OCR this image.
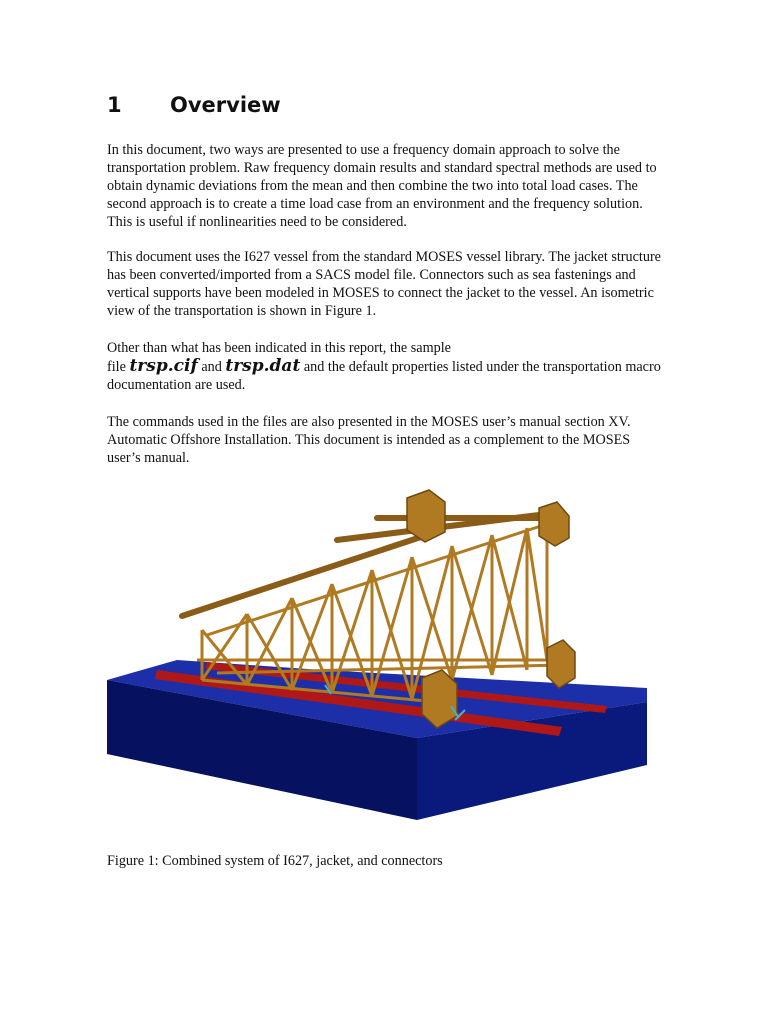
1 Overview

In this document, two ways are presented to use a frequency domain approach to solve the transportation problem. Raw frequency domain results and standard spectral methods are used to obtain dynamic deviations from the mean and then combine the two into total load cases. The second approach is to create a time load case from an environment and the frequency solution. This is useful if nonlinearities need to be considered.

This document uses the I627 vessel from the standard MOSES vessel library. The jacket structure has been converted/imported from a SACS model file. Connectors such as sea fastenings and vertical supports have been modeled in MOSES to connect the jacket to the vessel. An isometric view of the transportation is shown in Figure 1.

Other than what has been indicated in this report, the sample
file trsp.cif and trsp.dat and the default properties listed under the transportation macro documentation are used.

The commands used in the files are also presented in the MOSES user’s manual section XV. Automatic Offshore Installation. This document is intended as a complement to the MOSES user’s manual.

Figure 1: Combined system of I627, jacket, and connectors
